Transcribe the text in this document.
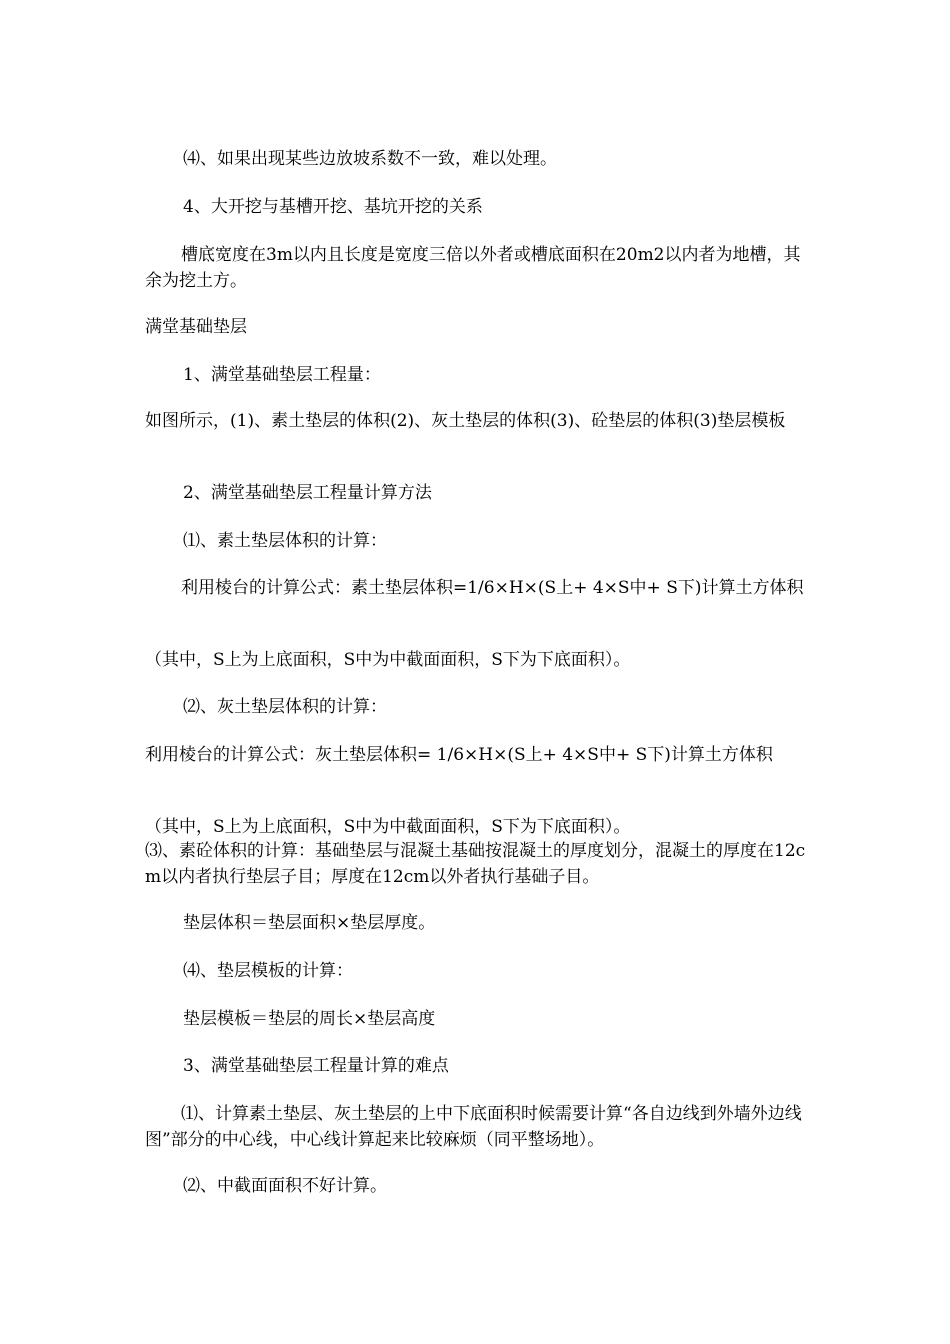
⑷、如果出现某些边放坡系数不一致，难以处理。

4、大开挖与基槽开挖、基坑开挖的关系

槽底宽度在3m以内且长度是宽度三倍以外者或槽底面积在20m2以内者为地槽，其余为挖土方。

满堂基础垫层

1、满堂基础垫层工程量：

如图所示，(1)、素土垫层的体积(2)、灰土垫层的体积(3)、砼垫层的体积(3)垫层模板

2、满堂基础垫层工程量计算方法

⑴、素土垫层体积的计算：

利用棱台的计算公式：素土垫层体积=1/6×H×(S上+ 4×S中+ S下)计算土方体积

（其中，S上为上底面积，S中为中截面面积，S下为下底面积）。

⑵、灰土垫层体积的计算：

利用棱台的计算公式：灰土垫层体积= 1/6×H×(S上+ 4×S中+ S下)计算土方体积

（其中，S上为上底面积，S中为中截面面积，S下为下底面积）。

⑶、素砼体积的计算：基础垫层与混凝土基础按混凝土的厚度划分，混凝土的厚度在12cm以内者执行垫层子目；厚度在12cm以外者执行基础子目。

垫层体积＝垫层面积×垫层厚度。

⑷、垫层模板的计算：

垫层模板＝垫层的周长×垫层高度

3、满堂基础垫层工程量计算的难点

⑴、计算素土垫层、灰土垫层的上中下底面积时候需要计算“各自边线到外墙外边线图”部分的中心线，中心线计算起来比较麻烦（同平整场地）。

⑵、中截面面积不好计算。
